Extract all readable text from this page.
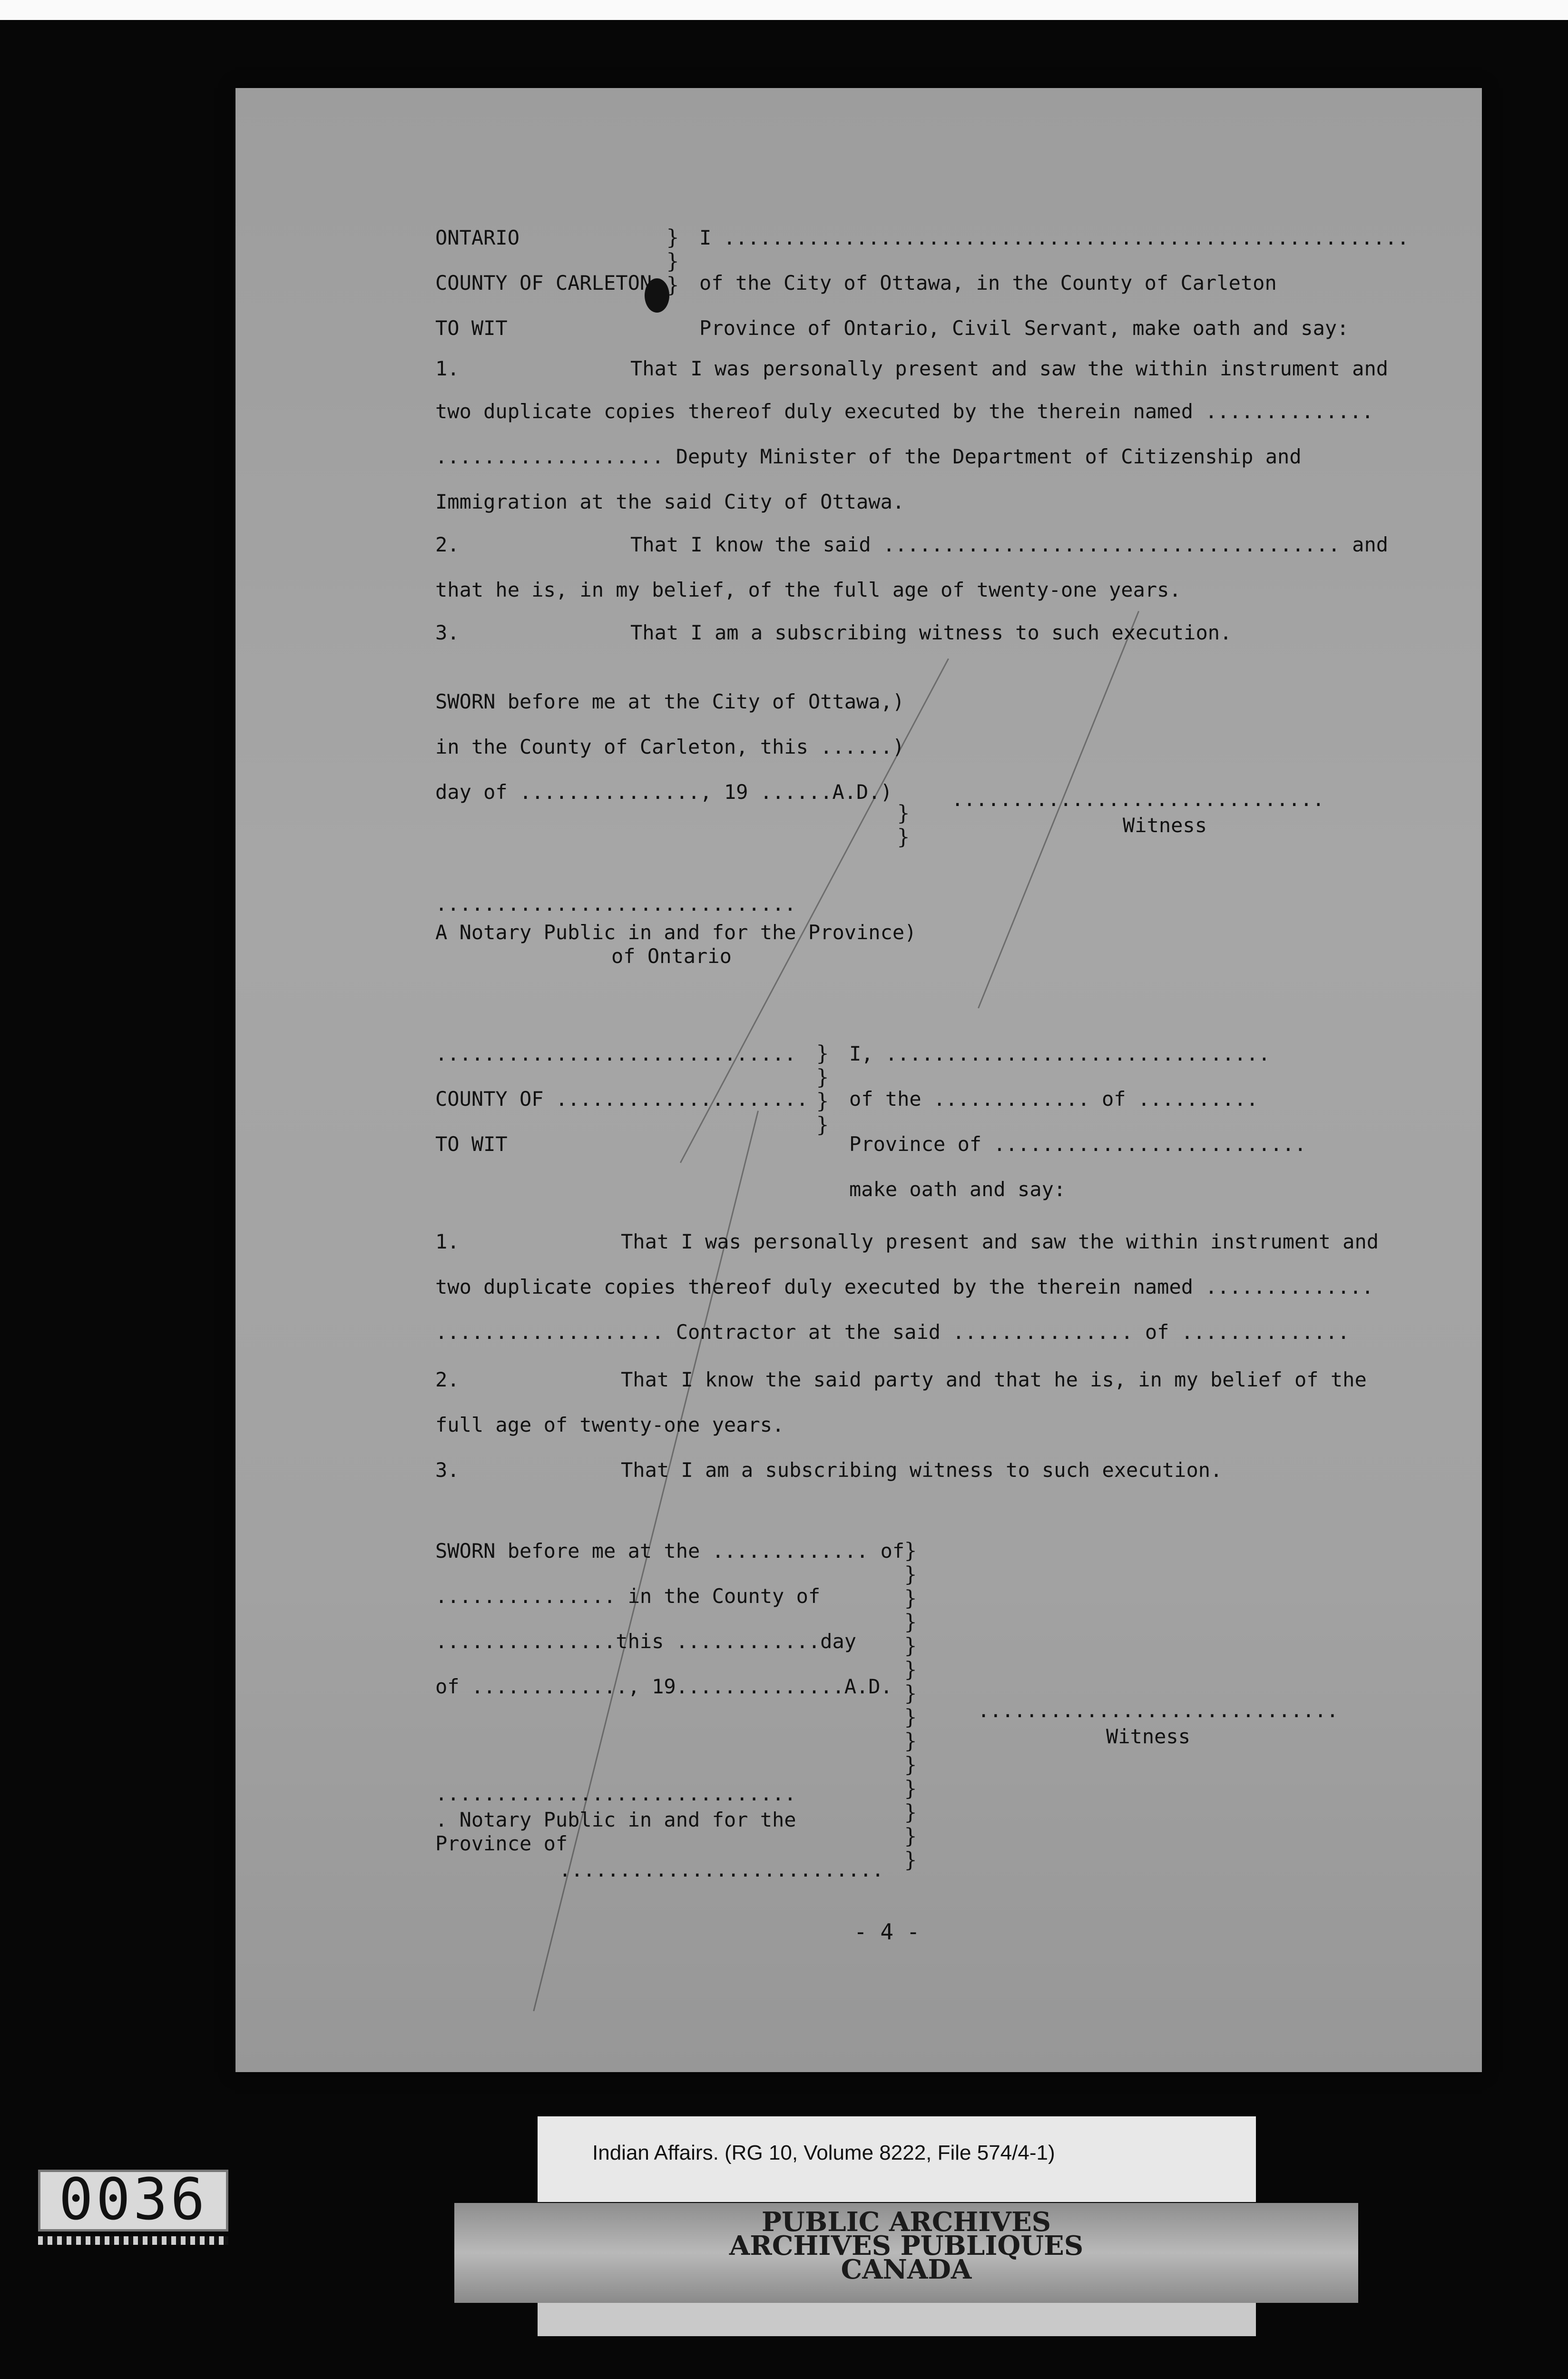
ONTARIO
COUNTY OF CARLETON
TO WIT
}
}
}
I .........................................................
of the City of Ottawa, in the County of Carleton
Province of Ontario, Civil Servant, make oath and say:
1.	That I was personally present and saw the within instrument and
two duplicate copies thereof duly executed by the therein named ..............
................... Deputy Minister of the Department of Citizenship and
Immigration at the said City of Ottawa.
2.	That I know the said ...................................... and
that he is, in my belief, of the full age of twenty-one years.
3.	That I am a subscribing witness to such execution.
SWORN before me at the City of Ottawa,)
in the County of Carleton, this ......)
day of ..............., 19 ......A.D.)
..............................
A Notary Public in and for the Province)
of Ontario
}
}
...............................
Witness
..............................
COUNTY OF .....................
TO WIT
}
}
}
}
I, ................................
of the ............. of ..........
Province of ..........................
make oath and say:
1.	That I was personally present and saw the within instrument and
two duplicate copies thereof duly executed by the therein named ..............
................... Contractor at the said ............... of ..............
2.	That I know the said party and that he is, in my belief of the
full age of twenty-one years.
3.	That I am a subscribing witness to such execution.
SWORN before me at the ............. of
............... in the County of
...............this ............day
of ............., 19..............A.D.
..............................
. Notary Public in and for the
Province of
...........................
}
}
}
}
}
}
}
}
}
}
}
}
}
}
..............................
Witness
- 4 -
0036
Indian Affairs. (RG 10, Volume 8222, File 574/4-1)
PUBLIC ARCHIVES
ARCHIVES PUBLIQUES
CANADA
